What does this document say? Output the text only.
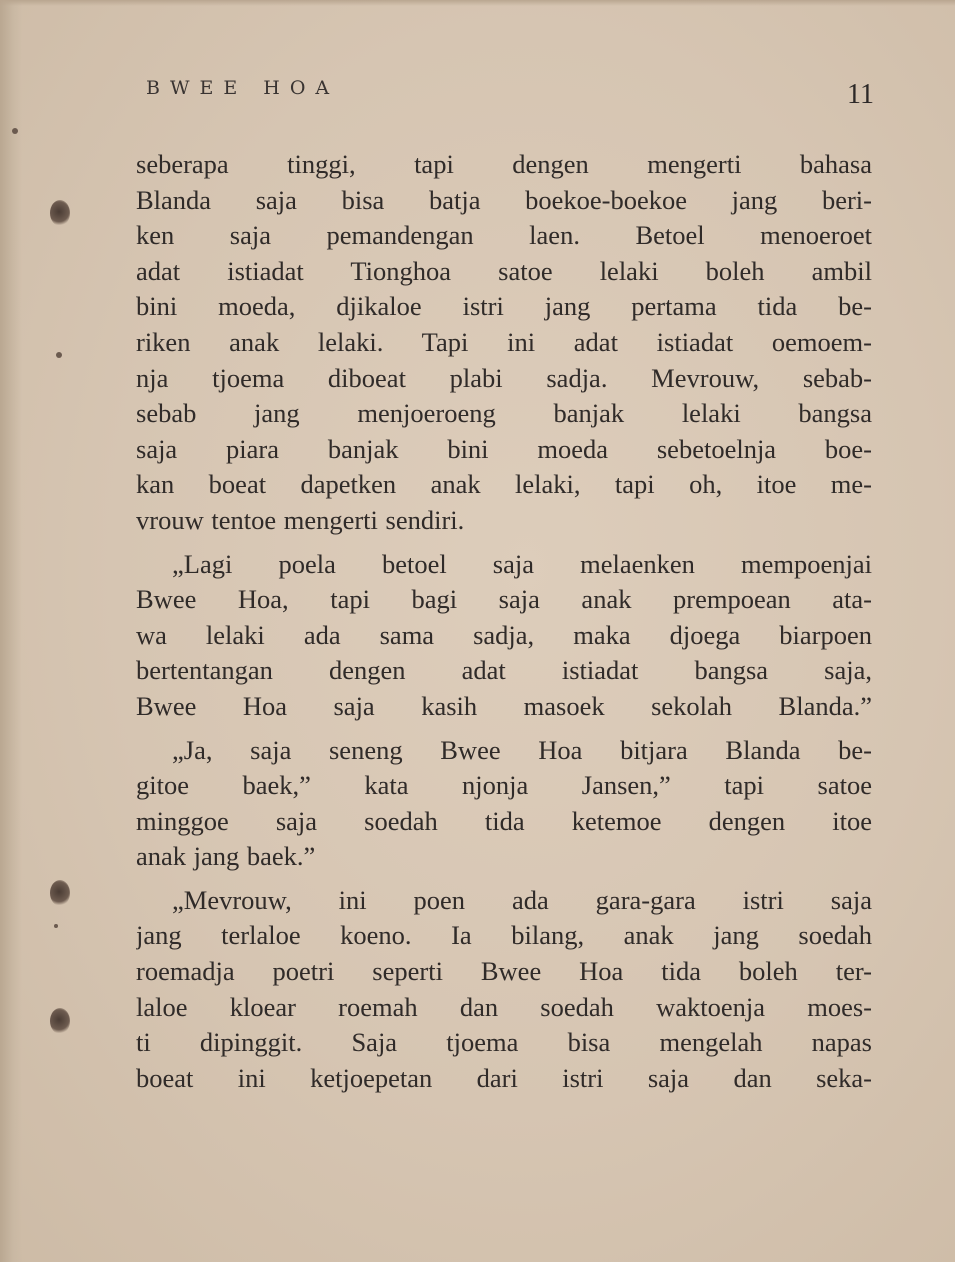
BWEE HOA	11
seberapa tinggi, tapi dengen mengerti bahasa
Blanda saja bisa batja boekoe-boekoe jang beri-
ken saja pemandengan laen. Betoel menoeroet
adat istiadat Tionghoa satoe lelaki boleh ambil
bini moeda, djikaloe istri jang pertama tida be-
riken anak lelaki. Tapi ini adat istiadat oemoem-
nja tjoema diboeat plabi sadja. Mevrouw, sebab-
sebab jang menjoeroeng banjak lelaki bangsa
saja piara banjak bini moeda sebetoelnja boe-
kan boeat dapetken anak lelaki, tapi oh, itoe me-
vrouw tentoe mengerti sendiri.
„Lagi poela betoel saja melaenken mempoenjai
Bwee Hoa, tapi bagi saja anak prempoean ata-
wa lelaki ada sama sadja, maka djoega biarpoen
bertentangan dengen adat istiadat bangsa saja,
Bwee Hoa saja kasih masoek sekolah Blanda.”
„Ja, saja seneng Bwee Hoa bitjara Blanda be-
gitoe baek,” kata njonja Jansen,” tapi satoe
minggoe saja soedah tida ketemoe dengen itoe
anak jang baek.”
„Mevrouw, ini poen ada gara-gara istri saja
jang terlaloe koeno. Ia bilang, anak jang soedah
roemadja poetri seperti Bwee Hoa tida boleh ter-
laloe kloear roemah dan soedah waktoenja moes-
ti dipinggit. Saja tjoema bisa mengelah napas
boeat ini ketjoepetan dari istri saja dan seka-
